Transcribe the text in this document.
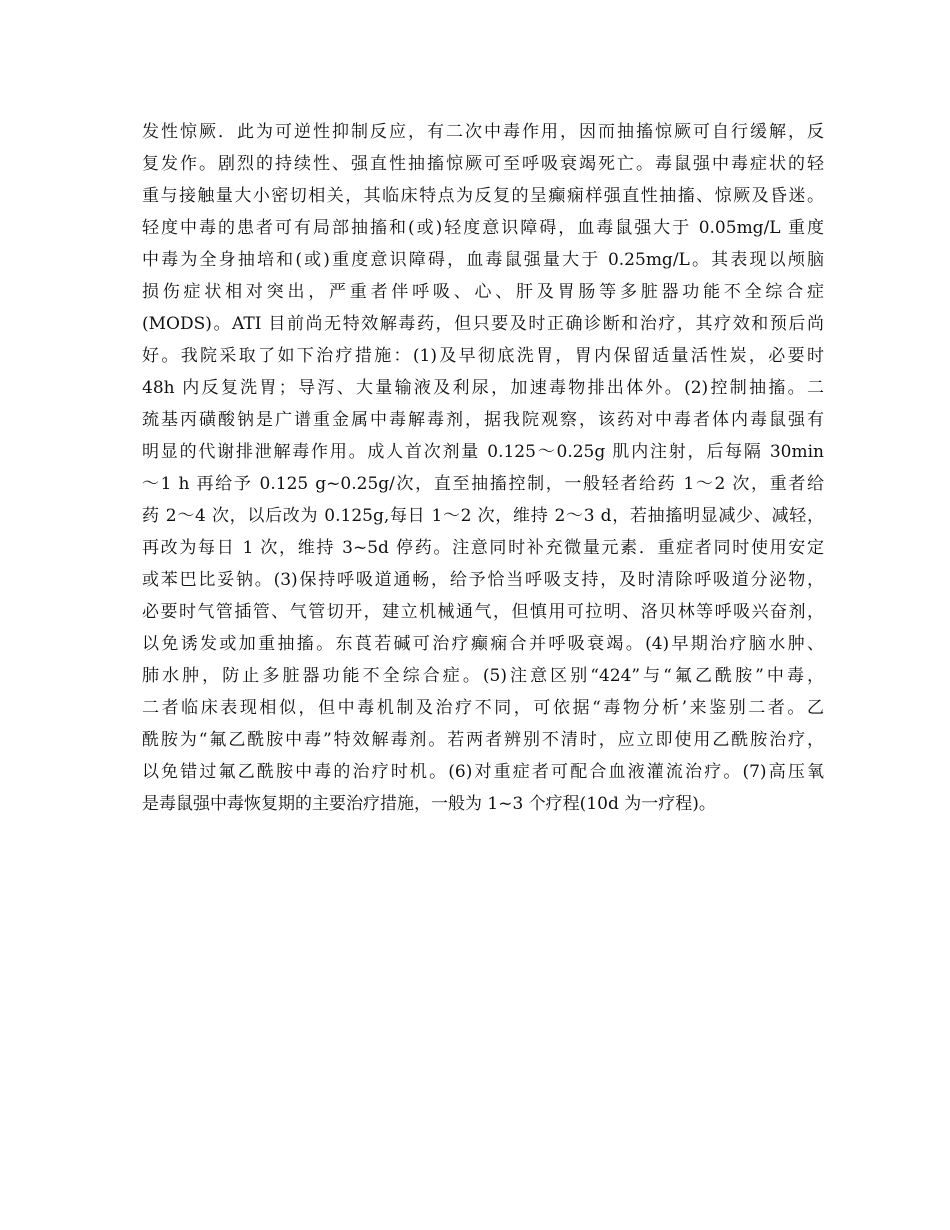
发性惊厥．此为可逆性抑制反应，有二次中毒作用，因而抽搐惊厥可自行缓解，反
复发作。剧烈的持续性、强直性抽搐惊厥可至呼吸衰竭死亡。毒鼠强中毒症状的轻
重与接触量大小密切相关，其临床特点为反复的呈癫痫样强直性抽搐、惊厥及昏迷。
轻度中毒的患者可有局部抽搐和(或)轻度意识障碍，血毒鼠强大于 0.05mg/L 重度
中毒为全身抽培和(或)重度意识障碍，血毒鼠强量大于 0.25mg/L。其表现以颅脑
损伤症状相对突出，严重者伴呼吸、心、肝及胃肠等多脏器功能不全综合症
(MODS)。ATI 目前尚无特效解毒药，但只要及时正确诊断和治疗，其疗效和预后尚
好。我院采取了如下治疗措施：(1)及早彻底洗胃，胃内保留适量活性炭，必要时
48h 内反复洗胃；导泻、大量输液及利尿，加速毒物排出体外。(2)控制抽搐。二
巯基丙磺酸钠是广谱重金属中毒解毒剂，据我院观察，该药对中毒者体内毒鼠强有
明显的代谢排泄解毒作用。成人首次剂量 0.125～0.25g 肌内注射，后每隔 30min
～1 h 再给予 0.125 g~0.25g/次，直至抽搐控制，一般轻者给药 1～2 次，重者给
药 2～4 次，以后改为 0.125g,每日 1～2 次，维持 2～3 d，若抽搐明显减少、减轻，
再改为每日 1 次，维持 3~5d 停药。注意同时补充微量元素．重症者同时使用安定
或苯巴比妥钠。(3)保持呼吸道通畅，给予恰当呼吸支持，及时清除呼吸道分泌物，
必要时气管插管、气管切开，建立机械通气，但慎用可拉明、洛贝林等呼吸兴奋剂，
以免诱发或加重抽搐。东莨若碱可治疗癫痫合并呼吸衰竭。(4)早期治疗脑水肿、
肺水肿，防止多脏器功能不全综合症。(5)注意区别“424”与“氟乙酰胺”中毒，
二者临床表现相似，但中毒机制及治疗不同，可依据“毒物分析’来鉴别二者。乙
酰胺为“氟乙酰胺中毒”特效解毒剂。若两者辨别不清时，应立即使用乙酰胺治疗，
以免错过氟乙酰胺中毒的治疗时机。(6)对重症者可配合血液灌流治疗。(7)高压氧
是毒鼠强中毒恢复期的主要治疗措施，一般为 1~3 个疗程(10d 为一疗程)。
